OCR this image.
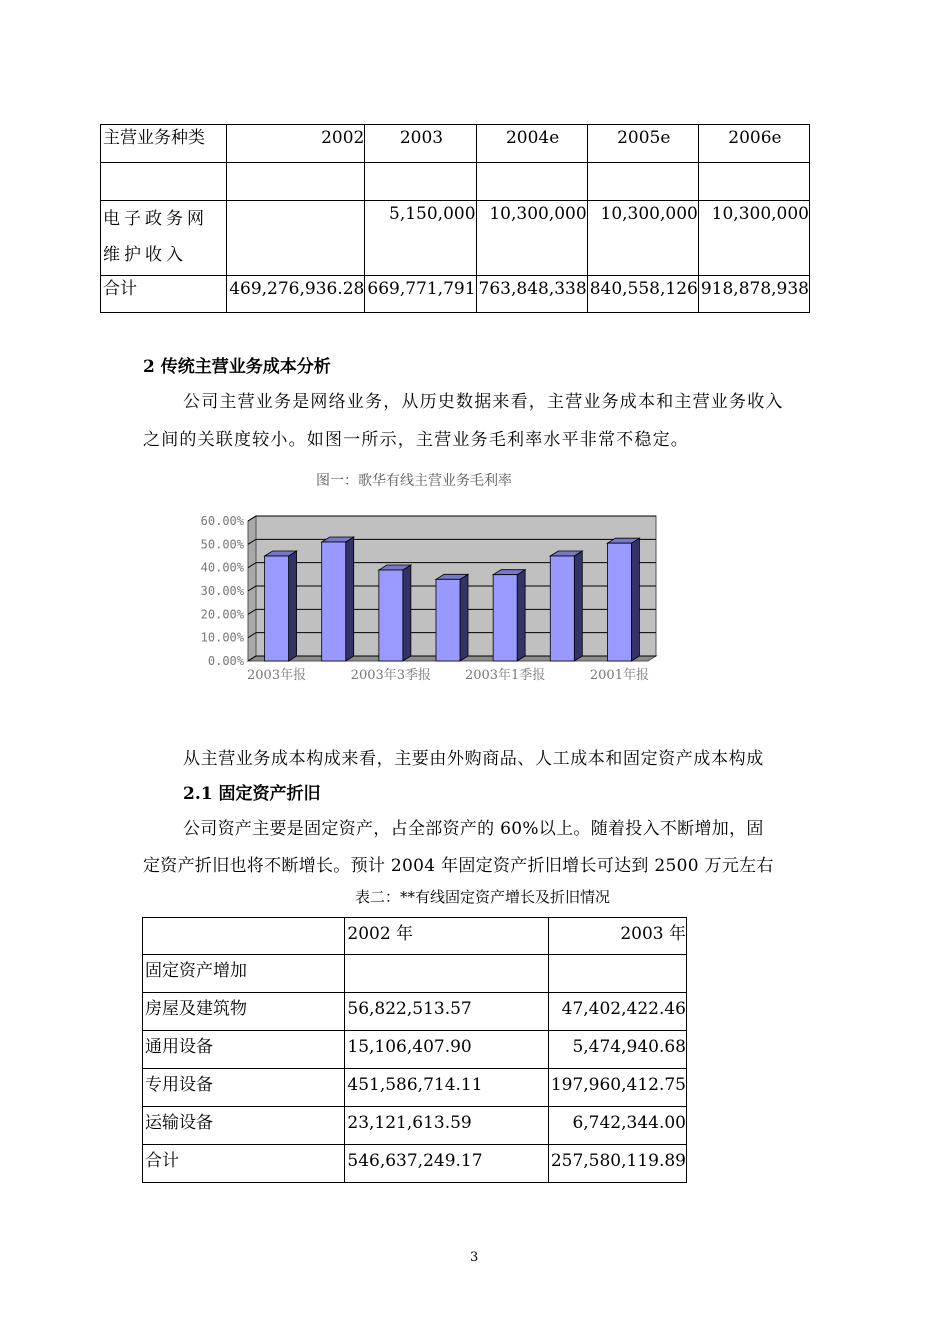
主营业务种类	2002	2003	2004e	2005e	2006e

电子政务网维护收入		5,150,000	10,300,000	10,300,000	10,300,000
合计	469,276,936.28	669,771,791	763,848,338	840,558,126	918,878,938
2 传统主营业务成本分析
公司主营业务是网络业务，从历史数据来看，主营业务成本和主营业务收入
之间的关联度较小。如图一所示，主营业务毛利率水平非常不稳定。
图一：歌华有线主营业务毛利率
0.00%
10.00%
20.00%
30.00%
40.00%
50.00%
60.00%
2003年报	2003年3季报	2003年1季报	2001年报
从主营业务成本构成来看，主要由外购商品、人工成本和固定资产成本构成
2.1 固定资产折旧
公司资产主要是固定资产，占全部资产的 60%以上。随着投入不断增加，固
定资产折旧也将不断增长。预计 2004 年固定资产折旧增长可达到 2500 万元左右
表二：**有线固定资产增长及折旧情况
	2002 年	2003 年
固定资产增加		
房屋及建筑物	56,822,513.57	47,402,422.46
通用设备	15,106,407.90	5,474,940.68
专用设备	451,586,714.11	197,960,412.75
运输设备	23,121,613.59	6,742,344.00
合计	546,637,249.17	257,580,119.89
3
